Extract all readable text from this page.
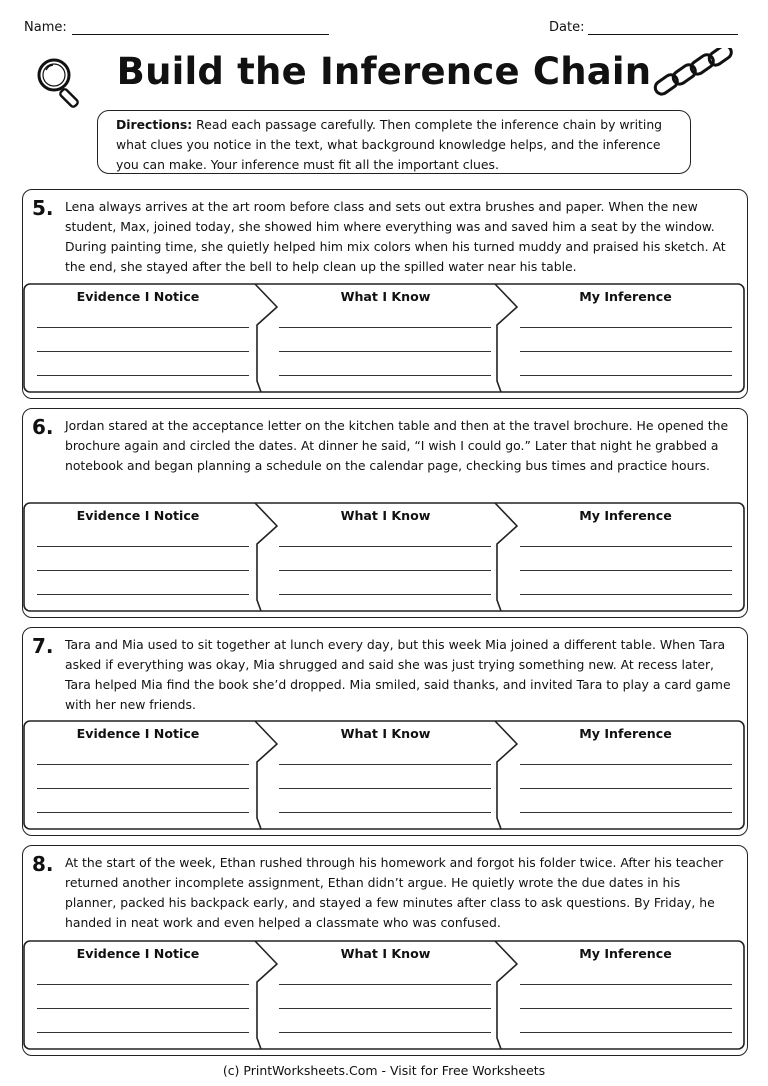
Name:	Date:
Build the Inference Chain
Directions: Read each passage carefully. Then complete the inference chain by writing what clues you notice in the text, what background knowledge helps, and the inference you can make. Your inference must fit all the important clues.
5. Lena always arrives at the art room before class and sets out extra brushes and paper. When the new student, Max, joined today, she showed him where everything was and saved him a seat by the window. During painting time, she quietly helped him mix colors when his turned muddy and praised his sketch. At the end, she stayed after the bell to help clean up the spilled water near his table.
Evidence I Notice	What I Know	My Inference
6. Jordan stared at the acceptance letter on the kitchen table and then at the travel brochure. He opened the brochure again and circled the dates. At dinner he said, “I wish I could go.” Later that night he grabbed a notebook and began planning a schedule on the calendar page, checking bus times and practice hours.
Evidence I Notice	What I Know	My Inference
7. Tara and Mia used to sit together at lunch every day, but this week Mia joined a different table. When Tara asked if everything was okay, Mia shrugged and said she was just trying something new. At recess later, Tara helped Mia find the book she’d dropped. Mia smiled, said thanks, and invited Tara to play a card game with her new friends.
Evidence I Notice	What I Know	My Inference
8. At the start of the week, Ethan rushed through his homework and forgot his folder twice. After his teacher returned another incomplete assignment, Ethan didn’t argue. He quietly wrote the due dates in his planner, packed his backpack early, and stayed a few minutes after class to ask questions. By Friday, he handed in neat work and even helped a classmate who was confused.
Evidence I Notice	What I Know	My Inference
(c) PrintWorksheets.Com - Visit for Free Worksheets
